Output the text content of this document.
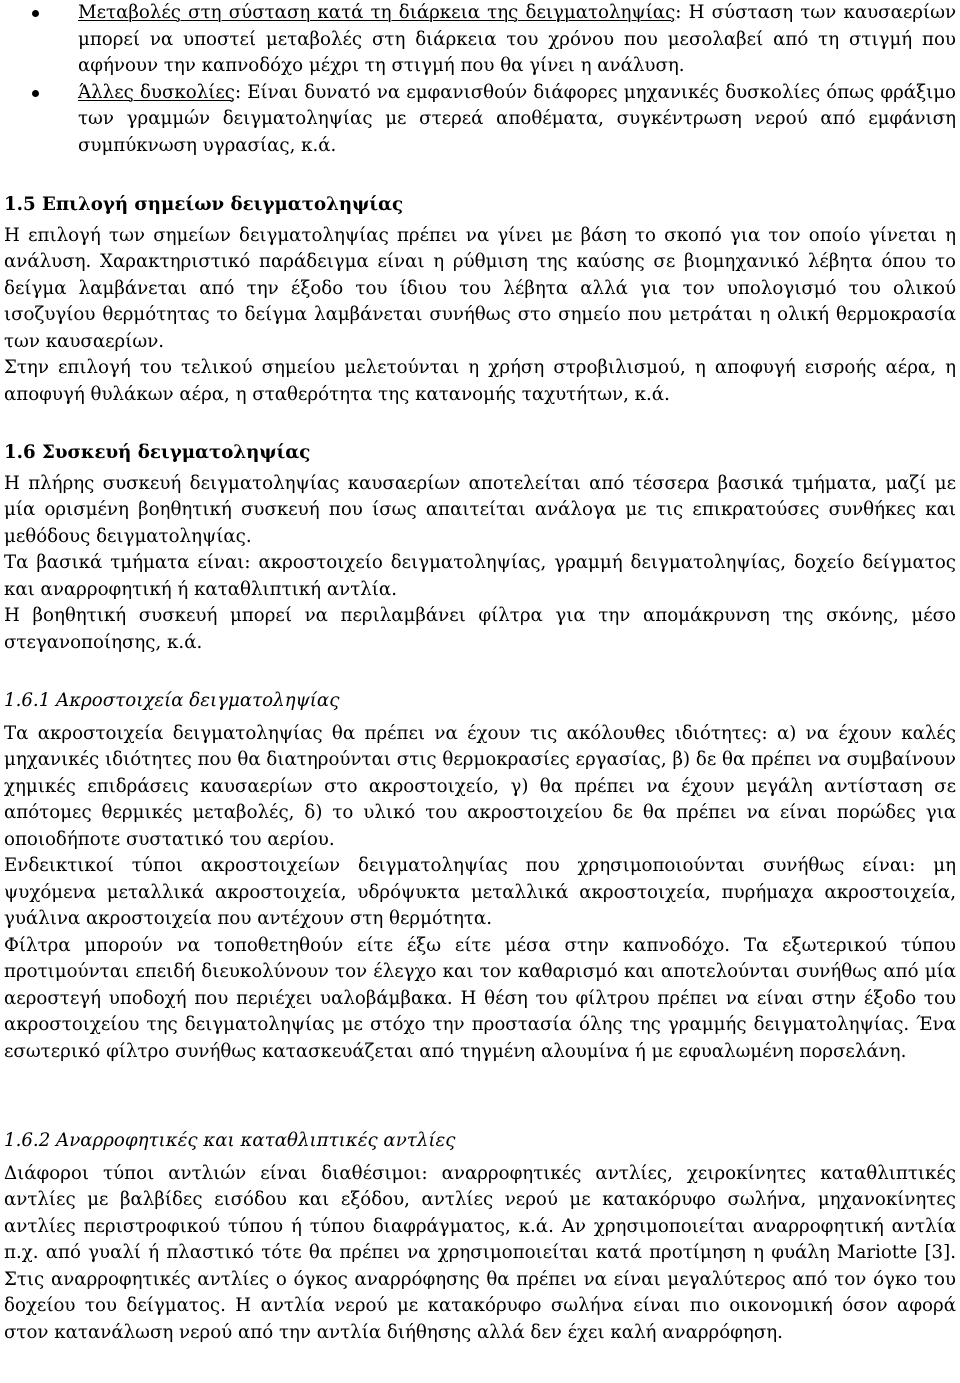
Μεταβολές στη σύσταση κατά τη διάρκεια της δειγματοληψίας: Η σύσταση των καυσαερίων μπορεί να υποστεί μεταβολές στη διάρκεια του χρόνου που μεσολαβεί από τη στιγμή που αφήνουν την καπνοδόχο μέχρι τη στιγμή που θα γίνει η ανάλυση.
Άλλες δυσκολίες: Είναι δυνατό να εμφανισθούν διάφορες μηχανικές δυσκολίες όπως φράξιμο των γραμμών δειγματοληψίας με στερεά αποθέματα, συγκέντρωση νερού από εμφάνιση συμπύκνωση υγρασίας, κ.ά.
1.5 Επιλογή σημείων δειγματοληψίας

Η επιλογή των σημείων δειγματοληψίας πρέπει να γίνει με βάση το σκοπό για τον οποίο γίνεται η ανάλυση. Χαρακτηριστικό παράδειγμα είναι η ρύθμιση της καύσης σε βιομηχανικό λέβητα όπου το δείγμα λαμβάνεται από την έξοδο του ίδιου του λέβητα αλλά για τον υπολογισμό του ολικού ισοζυγίου θερμότητας το δείγμα λαμβάνεται συνήθως στο σημείο που μετράται η ολική θερμοκρασία των καυσαερίων.

Στην επιλογή του τελικού σημείου μελετούνται η χρήση στροβιλισμού, η αποφυγή εισροής αέρα, η αποφυγή θυλάκων αέρα, η σταθερότητα της κατανομής ταχυτήτων, κ.ά.

1.6 Συσκευή δειγματοληψίας

Η πλήρης συσκευή δειγματοληψίας καυσαερίων αποτελείται από τέσσερα βασικά τμήματα, μαζί με μία ορισμένη βοηθητική συσκευή που ίσως απαιτείται ανάλογα με τις επικρατούσες συνθήκες και μεθόδους δειγματοληψίας.

Τα βασικά τμήματα είναι: ακροστοιχείο δειγματοληψίας, γραμμή δειγματοληψίας, δοχείο δείγματος και αναρροφητική ή καταθλιπτική αντλία.

Η βοηθητική συσκευή μπορεί να περιλαμβάνει φίλτρα για την απομάκρυνση της σκόνης, μέσο στεγανοποίησης, κ.ά.

1.6.1 Ακροστοιχεία δειγματοληψίας

Τα ακροστοιχεία δειγματοληψίας θα πρέπει να έχουν τις ακόλουθες ιδιότητες: α) να έχουν καλές μηχανικές ιδιότητες που θα διατηρούνται στις θερμοκρασίες εργασίας, β) δε θα πρέπει να συμβαίνουν χημικές επιδράσεις καυσαερίων στο ακροστοιχείο, γ) θα πρέπει να έχουν μεγάλη αντίσταση σε απότομες θερμικές μεταβολές, δ) το υλικό του ακροστοιχείου δε θα πρέπει να είναι πορώδες για οποιοδήποτε συστατικό του αερίου.

Ενδεικτικοί τύποι ακροστοιχείων δειγματοληψίας που χρησιμοποιούνται συνήθως είναι: μη ψυχόμενα μεταλλικά ακροστοιχεία, υδρόψυκτα μεταλλικά ακροστοιχεία, πυρήμαχα ακροστοιχεία, γυάλινα ακροστοιχεία που αντέχουν στη θερμότητα.

Φίλτρα μπορούν να τοποθετηθούν είτε έξω είτε μέσα στην καπνοδόχο. Τα εξωτερικού τύπου προτιμούνται επειδή διευκολύνουν τον έλεγχο και τον καθαρισμό και αποτελούνται συνήθως από μία αεροστεγή υποδοχή που περιέχει υαλοβάμβακα. Η θέση του φίλτρου πρέπει να είναι στην έξοδο του ακροστοιχείου της δειγματοληψίας με στόχο την προστασία όλης της γραμμής δειγματοληψίας. Ένα εσωτερικό φίλτρο συνήθως κατασκευάζεται από τηγμένη αλουμίνα ή με εφυαλωμένη πορσελάνη.

1.6.2 Αναρροφητικές και καταθλιπτικές αντλίες

Διάφοροι τύποι αντλιών είναι διαθέσιμοι: αναρροφητικές αντλίες, χειροκίνητες καταθλιπτικές αντλίες με βαλβίδες εισόδου και εξόδου, αντλίες νερού με κατακόρυφο σωλήνα, μηχανοκίνητες αντλίες περιστροφικού τύπου ή τύπου διαφράγματος, κ.ά. Αν χρησιμοποιείται αναρροφητική αντλία π.χ. από γυαλί ή πλαστικό τότε θα πρέπει να χρησιμοποιείται κατά προτίμηση η φυάλη Mariotte [3]. Στις αναρροφητικές αντλίες ο όγκος αναρρόφησης θα πρέπει να είναι μεγαλύτερος από τον όγκο του δοχείου του δείγματος. Η αντλία νερού με κατακόρυφο σωλήνα είναι πιο οικονομική όσον αφορά στον κατανάλωση νερού από την αντλία διήθησης αλλά δεν έχει καλή αναρρόφηση.
